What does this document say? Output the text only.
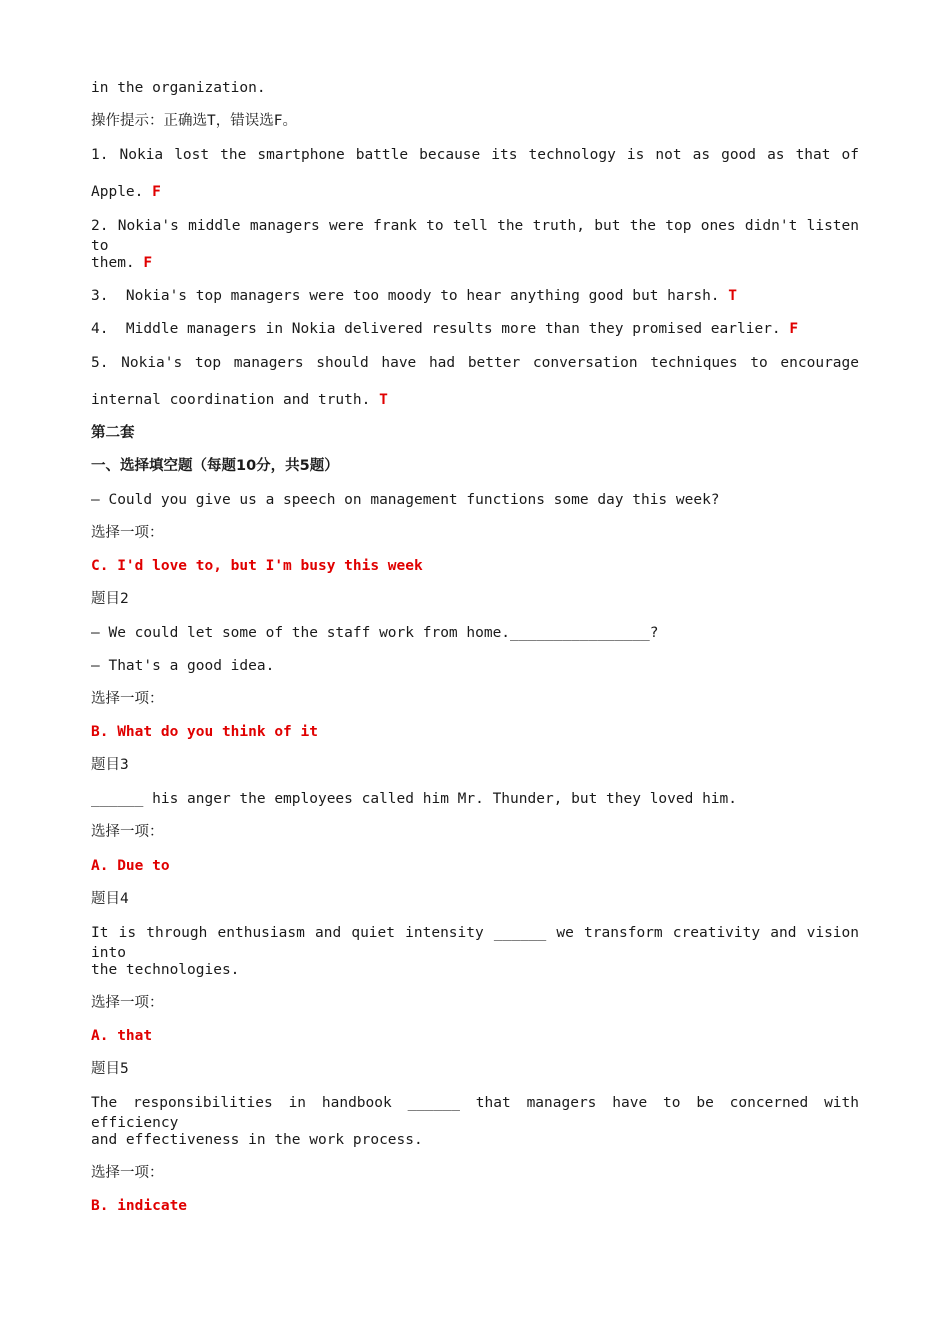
in the organization.
操作提示：正确选T，错误选F。
1. Nokia lost the smartphone battle because its technology is not as good as that of
Apple. F
2. Nokia's middle managers were frank to tell the truth, but the top ones didn't listen to
them. F
3.  Nokia's top managers were too moody to hear anything good but harsh. T
4.  Middle managers in Nokia delivered results more than they promised earlier. F
5. Nokia's top managers should have had better conversation techniques to encourage
internal coordination and truth. T
第二套
一、选择填空题（每题10分，共5题）
— Could you give us a speech on management functions some day this week?
选择一项：
C. I'd love to, but I'm busy this week
题目2
— We could let some of the staff work from home.________________?
— That's a good idea.
选择一项：
B. What do you think of it
题目3
______ his anger the employees called him Mr. Thunder, but they loved him.
选择一项：
A. Due to
题目4
It is through enthusiasm and quiet intensity ______ we transform creativity and vision into
the technologies.
选择一项：
A. that
题目5
The responsibilities in handbook ______ that managers have to be concerned with efficiency
and effectiveness in the work process.
选择一项：
B. indicate
